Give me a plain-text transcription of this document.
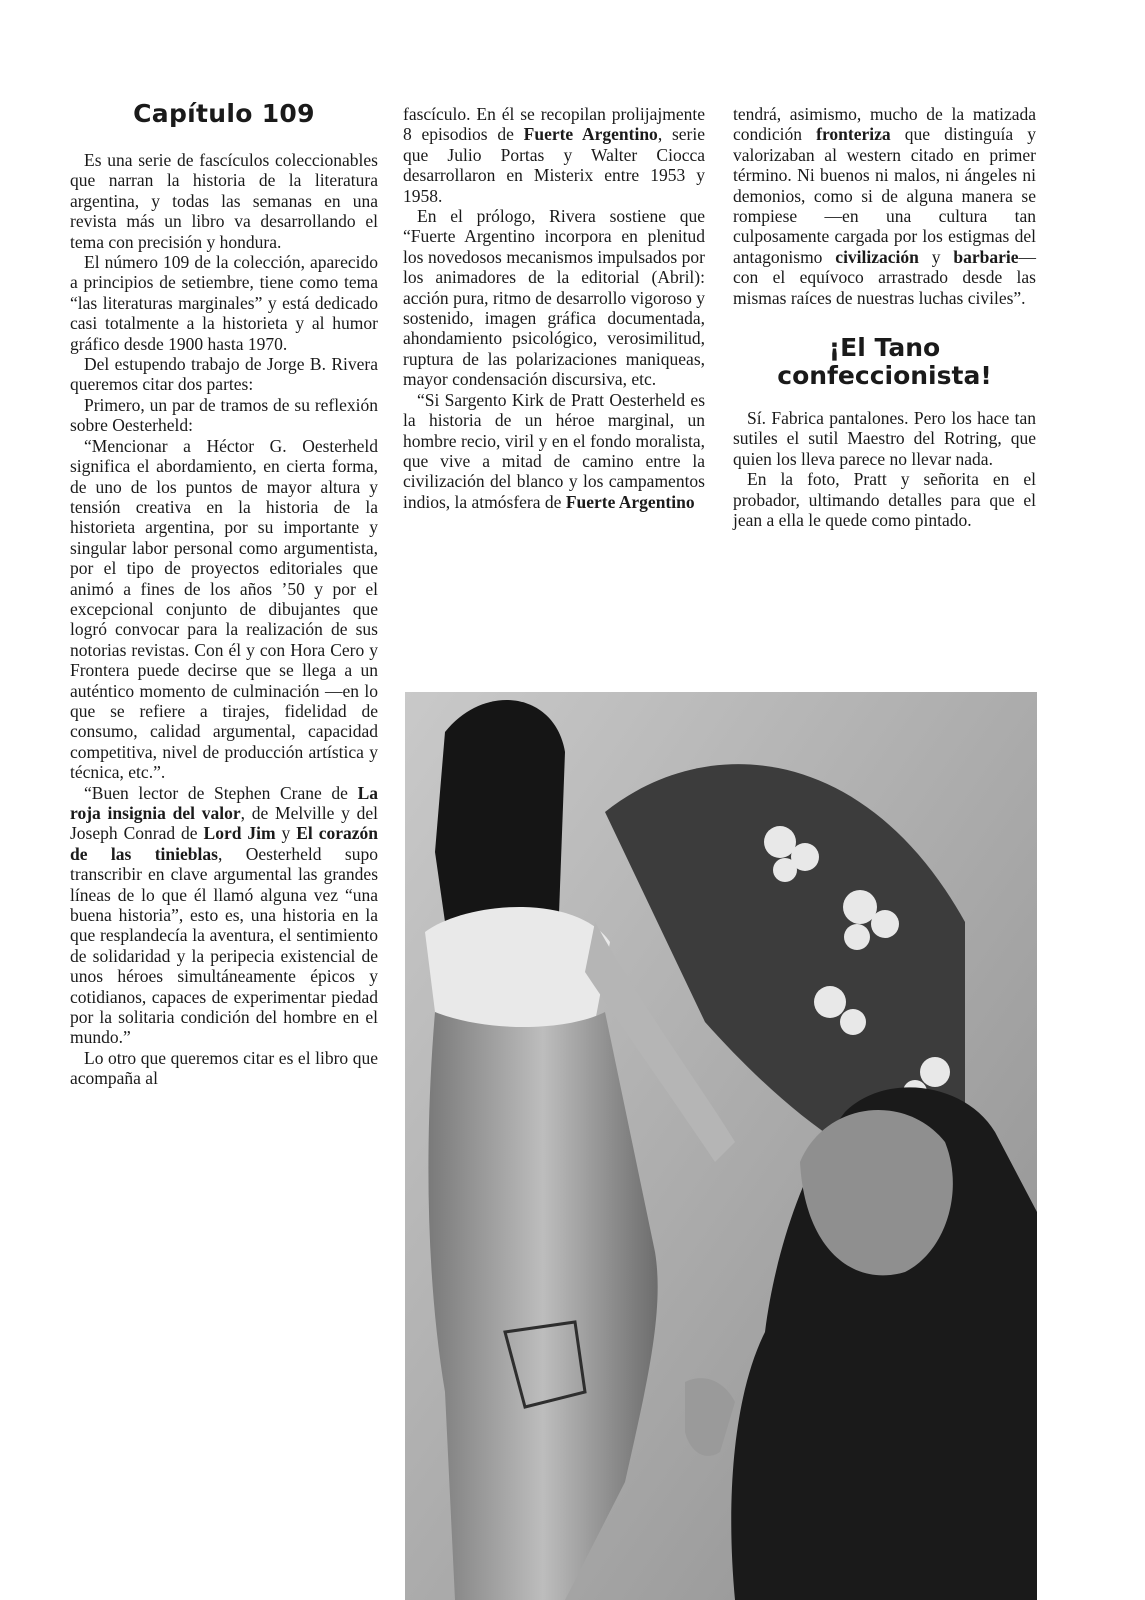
Capítulo 109

Es una serie de fascículos coleccionables que narran la historia de la literatura argentina, y todas las semanas en una revista más un libro va desarrollando el tema con precisión y hondura.

El número 109 de la colección, aparecido a principios de setiembre, tiene como tema “las literaturas marginales” y está dedicado casi totalmente a la historieta y al humor gráfico desde 1900 hasta 1970.

Del estupendo trabajo de Jorge B. Rivera queremos citar dos partes:

Primero, un par de tramos de su reflexión sobre Oesterheld:

“Mencionar a Héctor G. Oesterheld significa el abordamiento, en cierta forma, de uno de los puntos de mayor altura y tensión creativa en la historia de la historieta argentina, por su importante y singular labor personal como argumentista, por el tipo de proyectos editoriales que animó a fines de los años ’50 y por el excepcional conjunto de dibujantes que logró convocar para la realización de sus notorias revistas. Con él y con Hora Cero y Frontera puede decirse que se llega a un auténtico momento de culminación —en lo que se refiere a tirajes, fidelidad de consumo, calidad argumental, capacidad competitiva, nivel de producción artística y técnica, etc.”.

“Buen lector de Stephen Crane de La roja insignia del valor, de Melville y del Joseph Conrad de Lord Jim y El corazón de las tinieblas, Oesterheld supo transcribir en clave argumental las grandes líneas de lo que él llamó alguna vez “una buena historia”, esto es, una historia en la que resplandecía la aventura, el sentimiento de solidaridad y la peripecia existencial de unos héroes simultáneamente épicos y cotidianos, capaces de experimentar piedad por la solitaria condición del hombre en el mundo.”

Lo otro que queremos citar es el libro que acompaña al

fascículo. En él se recopilan prolijajmente 8 episodios de Fuerte Argentino, serie que Julio Portas y Walter Ciocca desarrollaron en Misterix entre 1953 y 1958.

En el prólogo, Rivera sostiene que “Fuerte Argentino incorpora en plenitud los novedosos mecanismos impulsados por los animadores de la editorial (Abril): acción pura, ritmo de desarrollo vigoroso y sostenido, imagen gráfica documentada, ahondamiento psicológico, verosimilitud, ruptura de las polarizaciones maniqueas, mayor condensación discursiva, etc.

“Si Sargento Kirk de Pratt Oesterheld es la historia de un héroe marginal, un hombre recio, viril y en el fondo moralista, que vive a mitad de camino entre la civilización del blanco y los campamentos indios, la atmósfera de Fuerte Argentino

tendrá, asimismo, mucho de la matizada condición fronteriza que distinguía y valorizaban al western citado en primer término. Ni buenos ni malos, ni ángeles ni demonios, como si de alguna manera se rompiese —en una cultura tan culposamente cargada por los estigmas del antagonismo civilización y barbarie— con el equívoco arrastrado desde las mismas raíces de nuestras luchas civiles”.

¡El Tano
confeccionista!

Sí. Fabrica pantalones. Pero los hace tan sutiles el sutil Maestro del Rotring, que quien los lleva parece no llevar nada.

En la foto, Pratt y señorita en el probador, ultimando detalles para que el jean a ella le quede como pintado.
